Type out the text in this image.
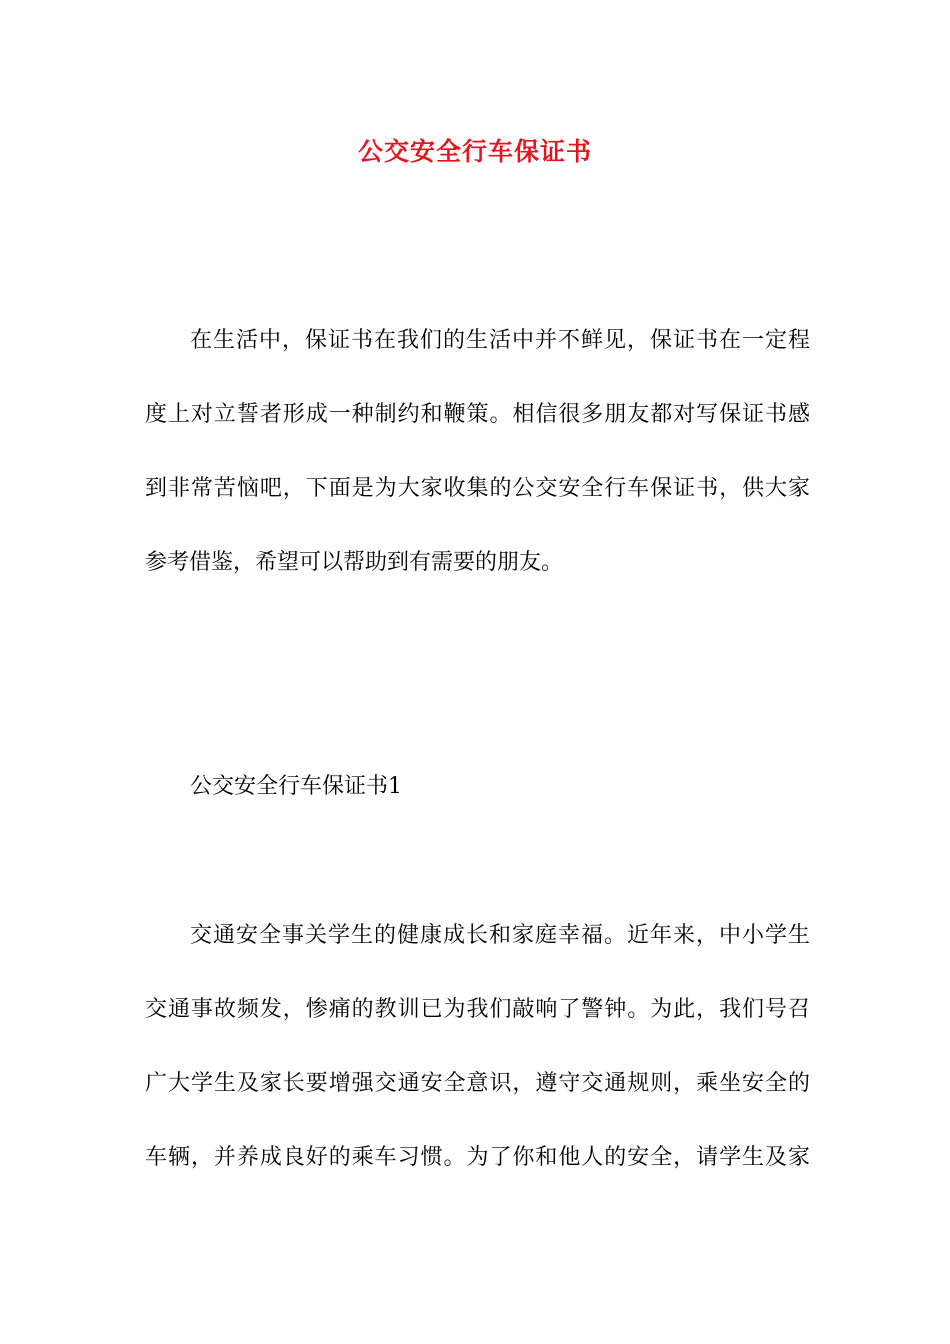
公交安全行车保证书
在生活中，保证书在我们的生活中并不鲜见，保证书在一定程
度上对立誓者形成一种制约和鞭策。相信很多朋友都对写保证书感
到非常苦恼吧，下面是为大家收集的公交安全行车保证书，供大家
参考借鉴，希望可以帮助到有需要的朋友。
公交安全行车保证书1
交通安全事关学生的健康成长和家庭幸福。近年来，中小学生
交通事故频发，惨痛的教训已为我们敲响了警钟。为此，我们号召
广大学生及家长要增强交通安全意识，遵守交通规则，乘坐安全的
车辆，并养成良好的乘车习惯。为了你和他人的安全，请学生及家
